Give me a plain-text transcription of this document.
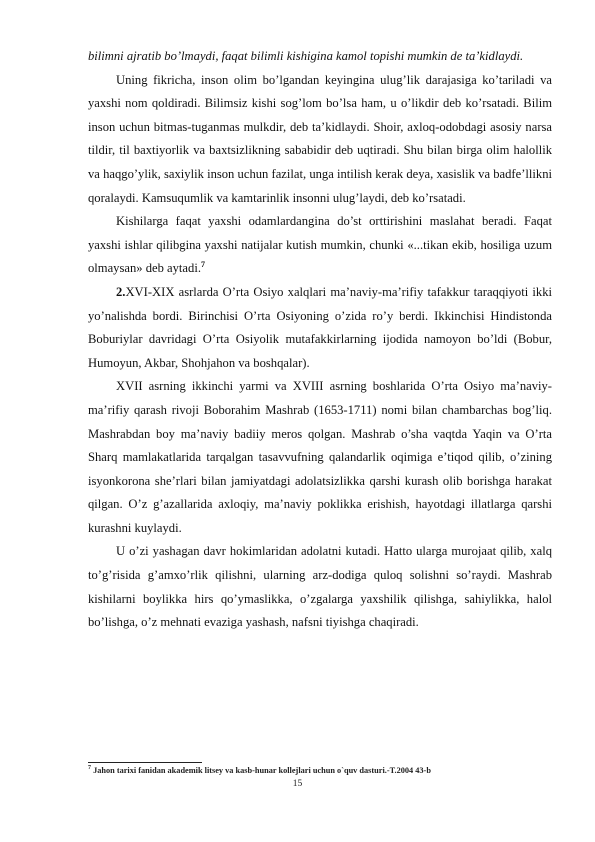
bilimni ajratib bo’lmaydi, faqat bilimli kishigina kamol topishi mumkin de ta’kidlaydi.

Uning fikricha, inson olim bo’lgandan keyingina ulug’lik darajasiga ko’tariladi va yaxshi nom qoldiradi. Bilimsiz kishi sog’lom bo’lsa ham, u o’likdir deb ko’rsatadi. Bilim inson uchun bitmas-tuganmas mulkdir, deb ta’kidlaydi. Shoir, axloq-odobdagi asosiy narsa tildir, til baxtiyorlik va baxtsizlikning sababidir deb uqtiradi. Shu bilan birga olim halollik va haqgo’ylik, saxiylik inson uchun fazilat, unga intilish kerak deya, xasislik va badfe’llikni qoralaydi. Kamsuqumlik va kamtarinlik insonni ulug’laydi, deb ko’rsatadi.

Kishilarga faqat yaxshi odamlardangina do’st orttirishini maslahat beradi. Faqat yaxshi ishlar qilibgina yaxshi natijalar kutish mumkin, chunki «...tikan ekib, hosiliga uzum olmaysan» deb aytadi.$^7$

2.XVI-XIX asrlarda O’rta Osiyo xalqlari ma’naviy-ma’rifiy tafakkur taraqqiyoti ikki yo’nalishda bordi. Birinchisi O’rta Osiyoning o’zida ro’y berdi. Ikkinchisi Hindistonda Boburiylar davridagi O’rta Osiyolik mutafakkirlarning ijodida namoyon bo’ldi (Bobur, Humoyun, Akbar, Shohjahon va boshqalar).

XVII asrning ikkinchi yarmi va XVIII asrning boshlarida O’rta Osiyo ma’naviy-ma’rifiy qarash rivoji Boborahim Mashrab (1653-1711) nomi bilan chambarchas bog’liq. Mashrabdan boy ma’naviy badiiy meros qolgan. Mashrab o’sha vaqtda Yaqin va O’rta Sharq mamlakatlarida tarqalgan tasavvufning qalandarlik oqimiga e’tiqod qilib, o’zining isyonkorona she’rlari bilan jamiyatdagi adolatsizlikka qarshi kurash olib borishga harakat qilgan. O’z g’azallarida axloqiy, ma’naviy poklikka erishish, hayotdagi illatlarga qarshi kurashni kuylaydi.

U o’zi yashagan davr hokimlaridan adolatni kutadi. Hatto ularga murojaat qilib, xalq to’g’risida g’amxo’rlik qilishni, ularning arz-dodiga quloq solishni so’raydi. Mashrab kishilarni boylikka hirs qo’ymaslikka, o’zgalarga yaxshilik qilishga, sahiylikka, halol bo’lishga, o’z mehnati evaziga yashash, nafsni tiyishga chaqiradi.

$^7$ Jahon tarixi fanidan akademik litsey va kasb-hunar kollejlari uchun o`quv dasturi.-T.2004 43-b
15
